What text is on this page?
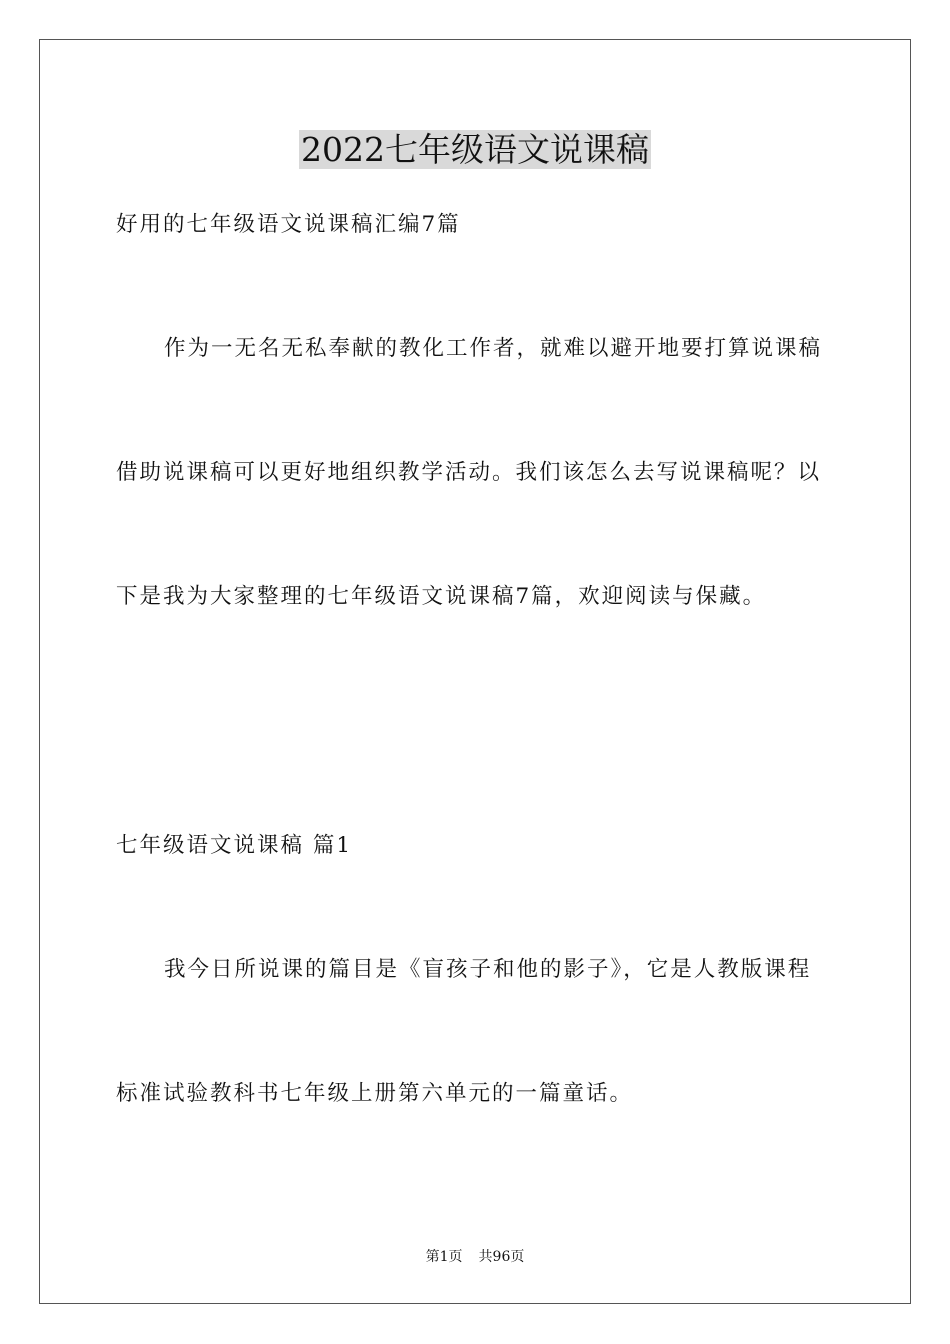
2022七年级语文说课稿
好用的七年级语文说课稿汇编7篇
作为一无名无私奉献的教化工作者，就难以避开地要打算说课稿
借助说课稿可以更好地组织教学活动。我们该怎么去写说课稿呢？以
下是我为大家整理的七年级语文说课稿7篇，欢迎阅读与保藏。
七年级语文说课稿 篇1
我今日所说课的篇目是《盲孩子和他的影子》，它是人教版课程
标准试验教科书七年级上册第六单元的一篇童话。
第1页 共96页
